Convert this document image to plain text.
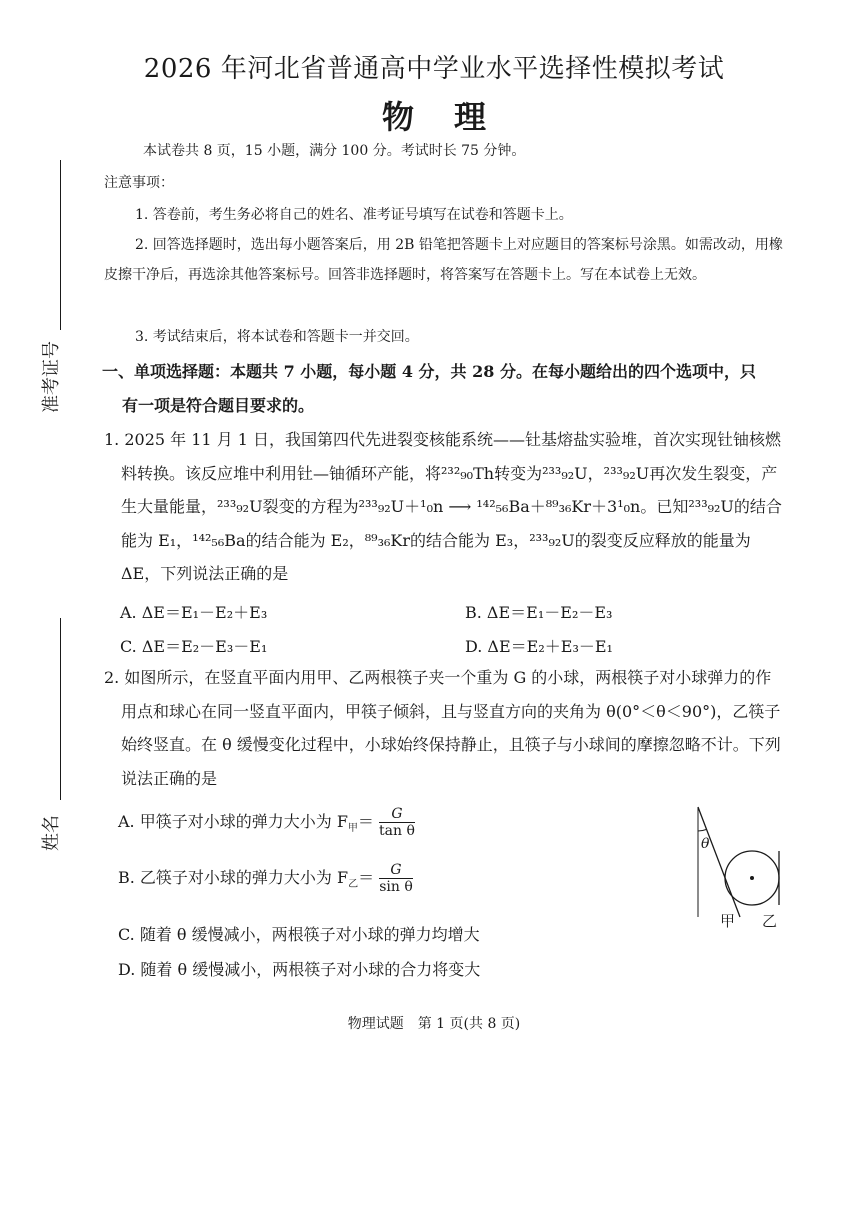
准考证号
姓名
2026 年河北省普通高中学业水平选择性模拟考试
物理
本试卷共 8 页，15 小题，满分 100 分。考试时长 75 分钟。
注意事项：
1. 答卷前，考生务必将自己的姓名、准考证号填写在试卷和答题卡上。
2. 回答选择题时，选出每小题答案后，用 2B 铅笔把答题卡上对应题目的答案标号涂黑。如需改动，用橡皮擦干净后，再选涂其他答案标号。回答非选择题时，将答案写在答题卡上。写在本试卷上无效。
3. 考试结束后，将本试卷和答题卡一并交回。
一、单项选择题：本题共 7 小题，每小题 4 分，共 28 分。在每小题给出的四个选项中，只
有一项是符合题目要求的。
1. 2025 年 11 月 1 日，我国第四代先进裂变核能系统——钍基熔盐实验堆，首次实现钍铀核燃料转换。该反应堆中利用钍—铀循环产能，将²³²₉₀Th转变为²³³₉₂U，²³³₉₂U再次发生裂变，产生大量能量，²³³₉₂U裂变的方程为²³³₉₂U＋¹₀n ⟶ ¹⁴²₅₆Ba＋⁸⁹₃₆Kr＋3¹₀n。已知²³³₉₂U的结合能为 E₁，¹⁴²₅₆Ba的结合能为 E₂，⁸⁹₃₆Kr的结合能为 E₃，²³³₉₂U的裂变反应释放的能量为 ΔE，下列说法正确的是
A. ΔE＝E₁－E₂＋E₃	B. ΔE＝E₁－E₂－E₃
C. ΔE＝E₂－E₃－E₁	D. ΔE＝E₂＋E₃－E₁
2. 如图所示，在竖直平面内用甲、乙两根筷子夹一个重为 G 的小球，两根筷子对小球弹力的作用点和球心在同一竖直平面内，甲筷子倾斜，且与竖直方向的夹角为 θ(0°＜θ＜90°)，乙筷子始终竖直。在 θ 缓慢变化过程中，小球始终保持静止，且筷子与小球间的摩擦忽略不计。下列说法正确的是
A. 甲筷子对小球的弹力大小为 $F_甲= \frac{G}{\text{tan θ}}$
B. 乙筷子对小球的弹力大小为 $F_乙= \frac{G}{\text{sin θ}}$
C. 随着 θ 缓慢减小，两根筷子对小球的弹力均增大
D. 随着 θ 缓慢减小，两根筷子对小球的合力将变大
θ
甲 乙
物理试题　第 1 页(共 8 页)
